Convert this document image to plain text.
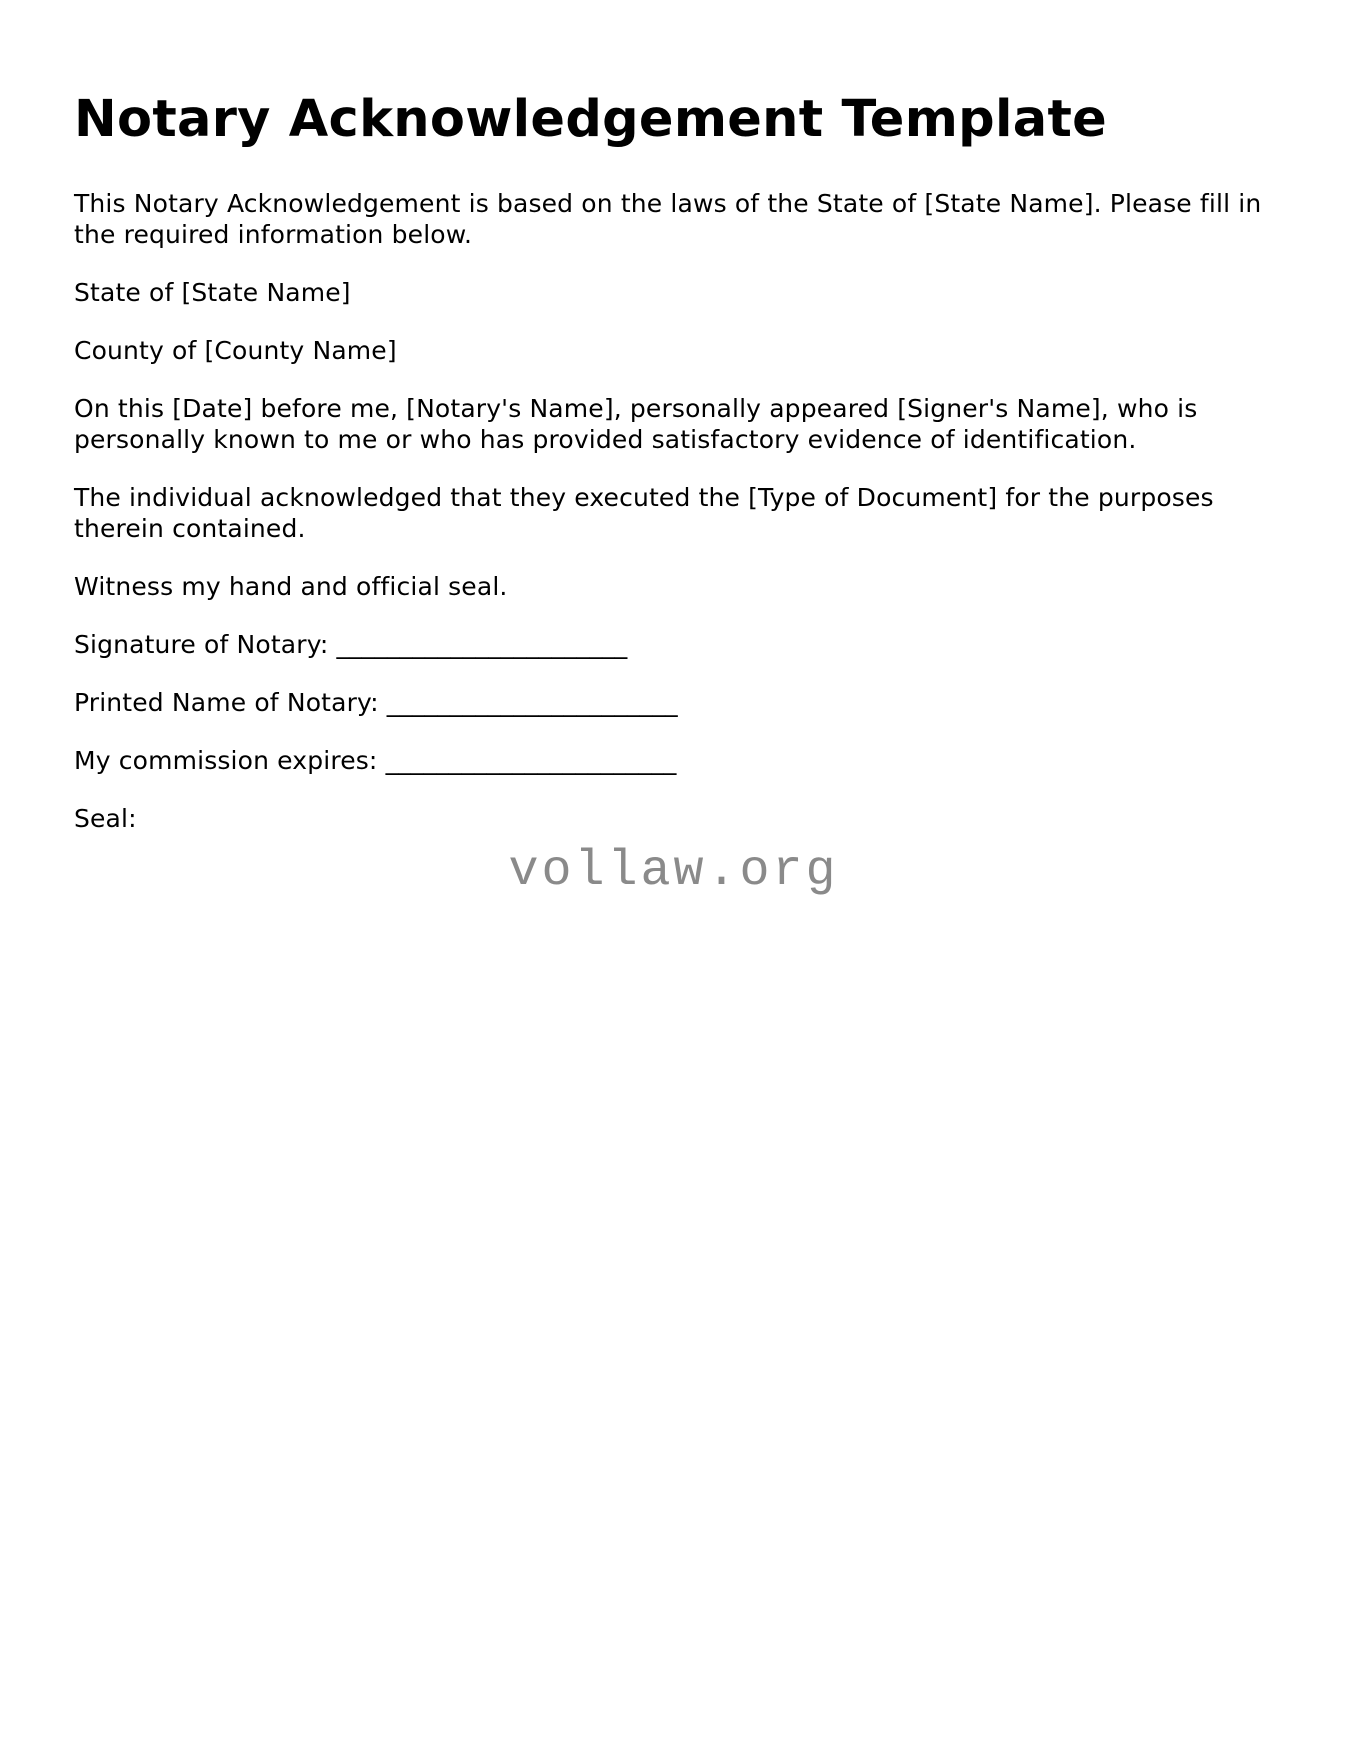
Notary Acknowledgement Template

This Notary Acknowledgement is based on the laws of the State of [State Name]. Please fill in the required information below.

State of [State Name]

County of [County Name]

On this [Date] before me, [Notary's Name], personally appeared [Signer's Name], who is personally known to me or who has provided satisfactory evidence of identification.

The individual acknowledged that they executed the [Type of Document] for the purposes therein contained.

Witness my hand and official seal.

Signature of Notary: _______________________

Printed Name of Notary: _______________________

My commission expires: _______________________

Seal:

vollaw.org
